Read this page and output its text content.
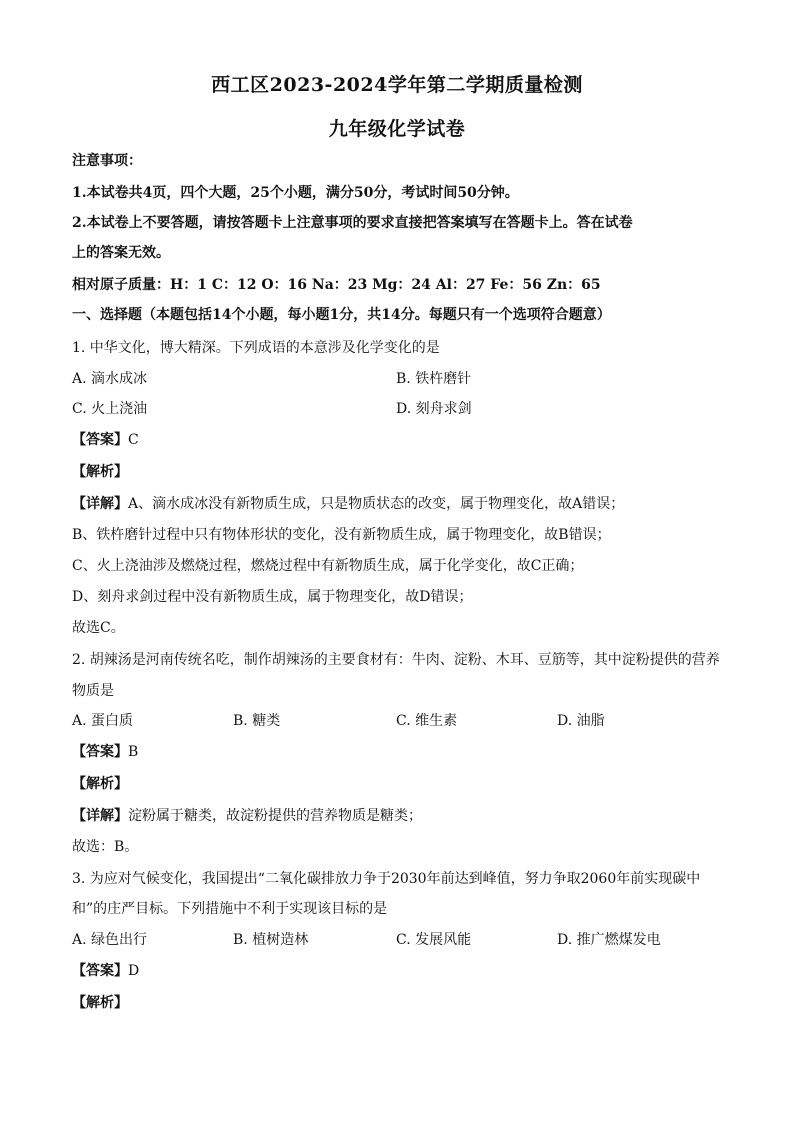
西工区2023-2024学年第二学期质量检测
九年级化学试卷
注意事项：
1.本试卷共4页，四个大题，25个小题，满分50分，考试时间50分钟。
2.本试卷上不要答题，请按答题卡上注意事项的要求直接把答案填写在答题卡上。答在试卷
上的答案无效。
相对原子质量：H：1 C：12 O：16 Na：23 Mg：24 Al：27 Fe：56 Zn：65
一、选择题（本题包括14个小题，每小题1分，共14分。每题只有一个选项符合题意）
1. 中华文化，博大精深。下列成语的本意涉及化学变化的是
A. 滴水成冰	B. 铁杵磨针
C. 火上浇油	D. 刻舟求剑
【答案】C
【解析】
【详解】A、滴水成冰没有新物质生成，只是物质状态的改变，属于物理变化，故A错误；
B、铁杵磨针过程中只有物体形状的变化，没有新物质生成，属于物理变化，故B错误；
C、火上浇油涉及燃烧过程，燃烧过程中有新物质生成，属于化学变化，故C正确；
D、刻舟求剑过程中没有新物质生成，属于物理变化，故D错误；
故选C。
2. 胡辣汤是河南传统名吃，制作胡辣汤的主要食材有：牛肉、淀粉、木耳、豆筋等，其中淀粉提供的营养
物质是
A. 蛋白质	B. 糖类	C. 维生素	D. 油脂
【答案】B
【解析】
【详解】淀粉属于糖类，故淀粉提供的营养物质是糖类；
故选：B。
3. 为应对气候变化，我国提出“二氧化碳排放力争于2030年前达到峰值，努力争取2060年前实现碳中
和”的庄严目标。下列措施中不利于实现该目标的是
A. 绿色出行	B. 植树造林	C. 发展风能	D. 推广燃煤发电
【答案】D
【解析】
